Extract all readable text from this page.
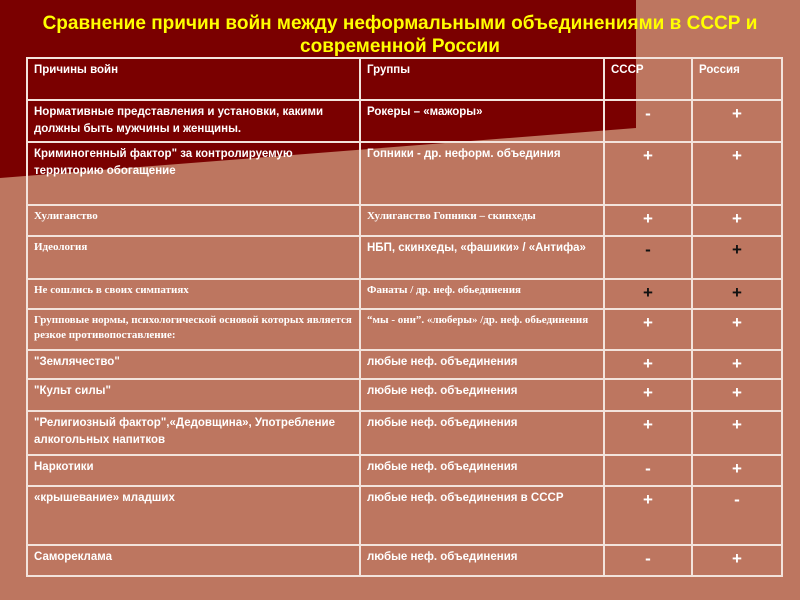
Сравнение причин войн между неформальными объединениями в СССР и современной России
Причины войн	Группы	СССР	Россия
Нормативные представления и установки, какими должны быть мужчины и женщины.	Рокеры – «мажоры»	-	+
Криминогенный фактор" за контролируемую территорию обогащение	Гопники - др. неформ. объединия	+	+
Хулиганство	Хулиганство Гопники – скинхеды	+	+
Идеология	НБП, скинхеды, «фашики» / «Антифа»	-	+
Не сошлись в своих симпатиях	Фанаты / др. неф. обьединения	+	+
Групповые нормы, психологической основой которых является резкое противопоставление:	“мы - они”. «люберы» /др. неф. обьединения	+	+
"Землячество"	любые неф. объединения	+	+
"Культ силы"	любые неф. объединения	+	+
"Религиозный фактор",«Дедовщина», Употребление алкогольных напитков	любые неф. объединения	+	+
Наркотики	любые неф. объединения	-	+
«крышевание» младших	любые неф. объединения в СССР	+	-
Самореклама	любые неф. объединения	-	+
